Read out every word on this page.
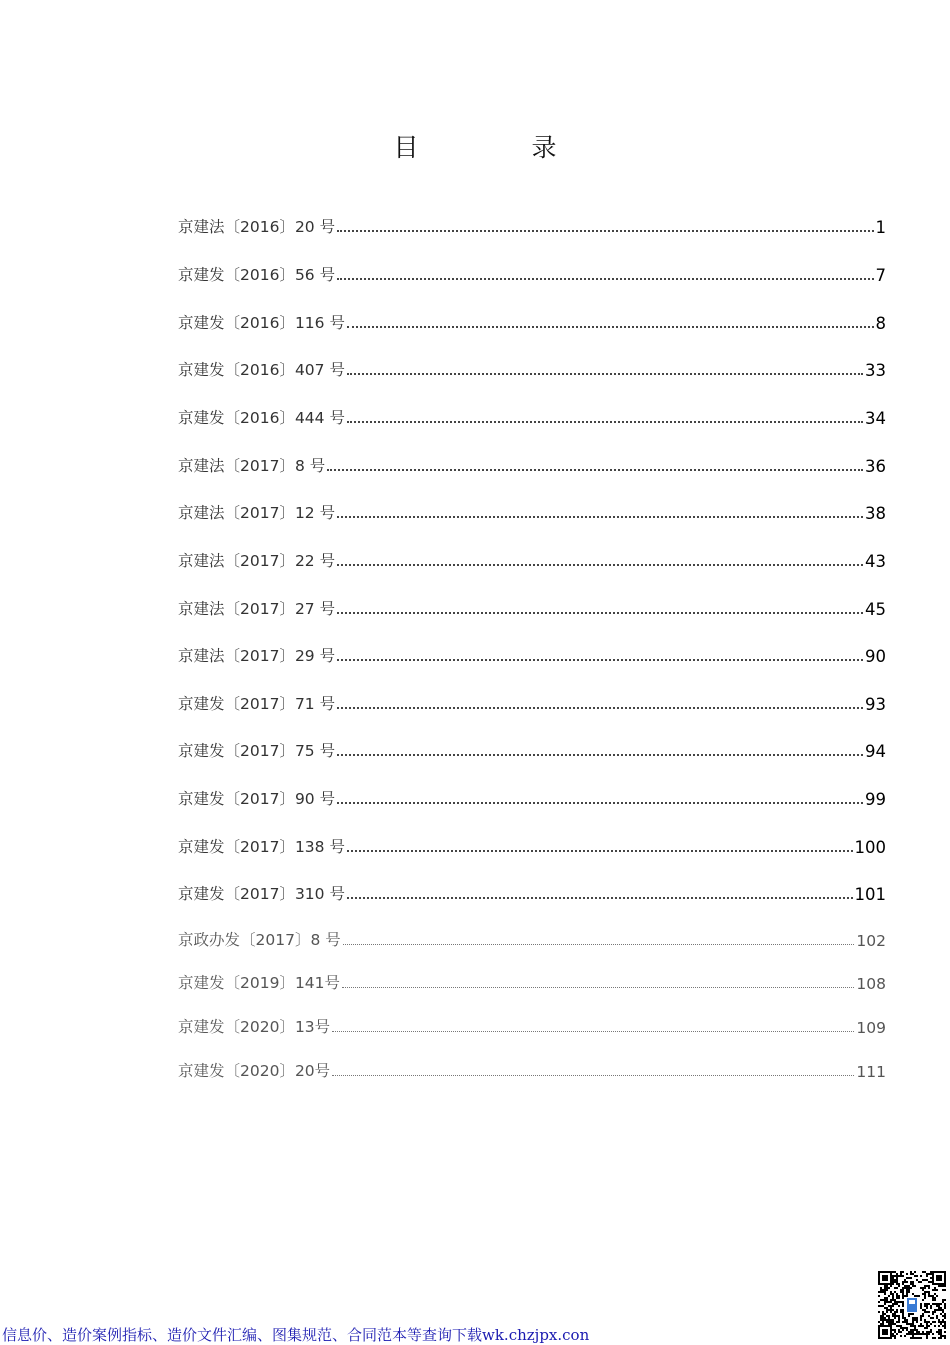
目　录
京建法〔2016〕20 号	1
京建发〔2016〕56 号	7
京建发〔2016〕116 号	8
京建发〔2016〕407 号	33
京建发〔2016〕444 号	34
京建法〔2017〕8 号	36
京建法〔2017〕12 号	38
京建法〔2017〕22 号	43
京建法〔2017〕27 号	45
京建法〔2017〕29 号	90
京建发〔2017〕71 号	93
京建发〔2017〕75 号	94
京建发〔2017〕90 号	99
京建发〔2017〕138 号	100
京建发〔2017〕310 号	101
京政办发〔2017〕8 号	102
京建发〔2019〕141号	108
京建发〔2020〕13号	109
京建发〔2020〕20号	111
信息价、造价案例指标、造价文件汇编、图集规范、合同范本等查询下载wk.chzjpx.con
